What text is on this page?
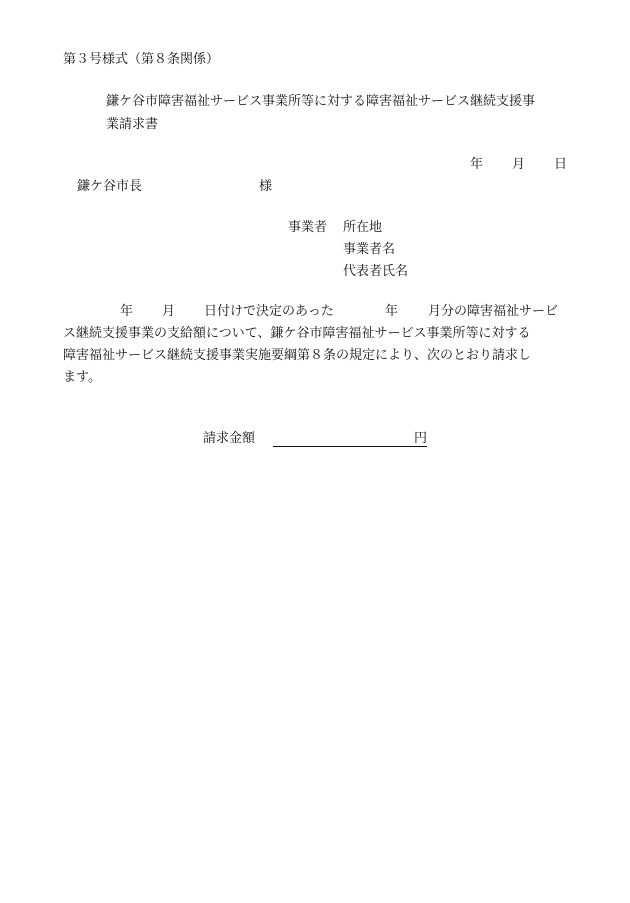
第３号様式（第８条関係）
鎌ケ谷市障害福祉サービス事業所等に対する障害福祉サービス継続支援事
業請求書
年 月 日
鎌ケ谷市長	様
事業者 所在地
事業者名
代表者氏名
年 月 日付けで決定のあった	年 月分の障害福祉サービ
ス継続支援事業の支給額について、鎌ケ谷市障害福祉サービス事業所等に対する
障害福祉サービス継続支援事業実施要綱第８条の規定により、次のとおり請求し
ます。
請求金額	円
